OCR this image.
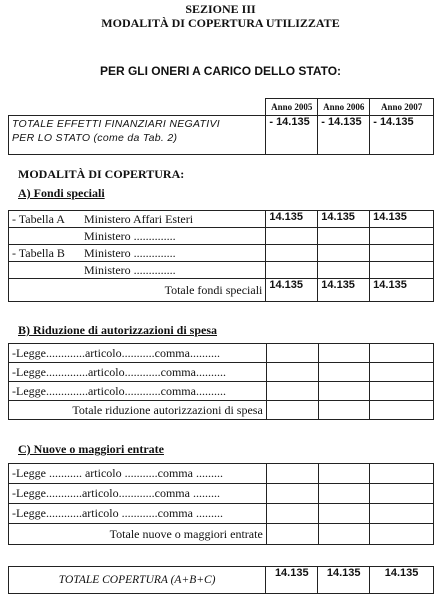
SEZIONE III
MODALITÀ DI COPERTURA UTILIZZATE
PER GLI ONERI A CARICO DELLO STATO:
	Anno 2005	Anno 2006	Anno 2007

TOTALE EFFETTI FINANZIARI NEGATIVI
PER LO STATO (come da Tab. 2)	- 14.135	- 14.135	- 14.135
MODALITÀ DI COPERTURA:
A) Fondi speciali
- Tabella A Ministero Affari Esteri	14.135	14.135	14.135
Ministero ..............			
- Tabella B Ministero ..............			
Ministero ..............			
Totale fondi speciali	14.135	14.135	14.135
B) Riduzione di autorizzazioni di spesa
-Legge.............articolo...........comma..........			
-Legge..............articolo............comma..........			
-Legge..............articolo............comma..........			
Totale riduzione autorizzazioni di spesa			
C) Nuove o maggiori entrate
-Legge ........... articolo ...........comma .........			
-Legge............articolo............comma .........			
-Legge............articolo ............comma .........			
Totale nuove o maggiori entrate			
TOTALE COPERTURA (A+B+C)	14.135	14.135	14.135
